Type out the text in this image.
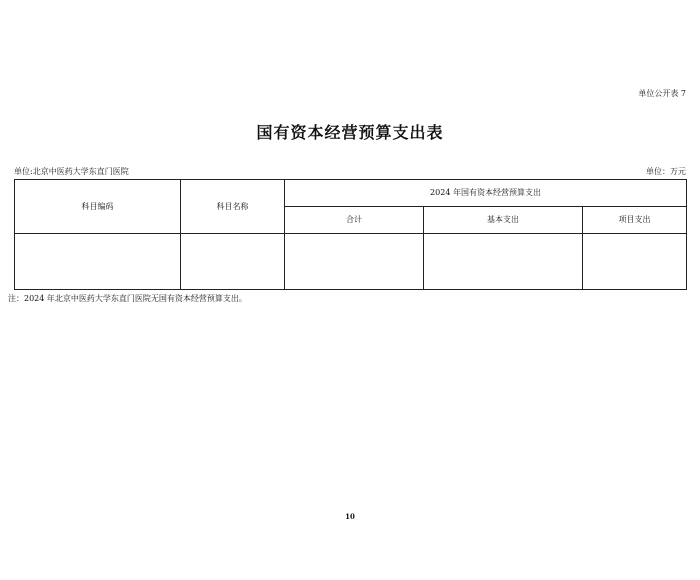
单位公开表 7
国有资本经营预算支出表
单位:北京中医药大学东直门医院	单位：万元
科目编码	科目名称	2024 年国有资本经营预算支出		
		合计	基本支出	项目支出

注：2024 年北京中医药大学东直门医院无国有资本经营预算支出。
10
